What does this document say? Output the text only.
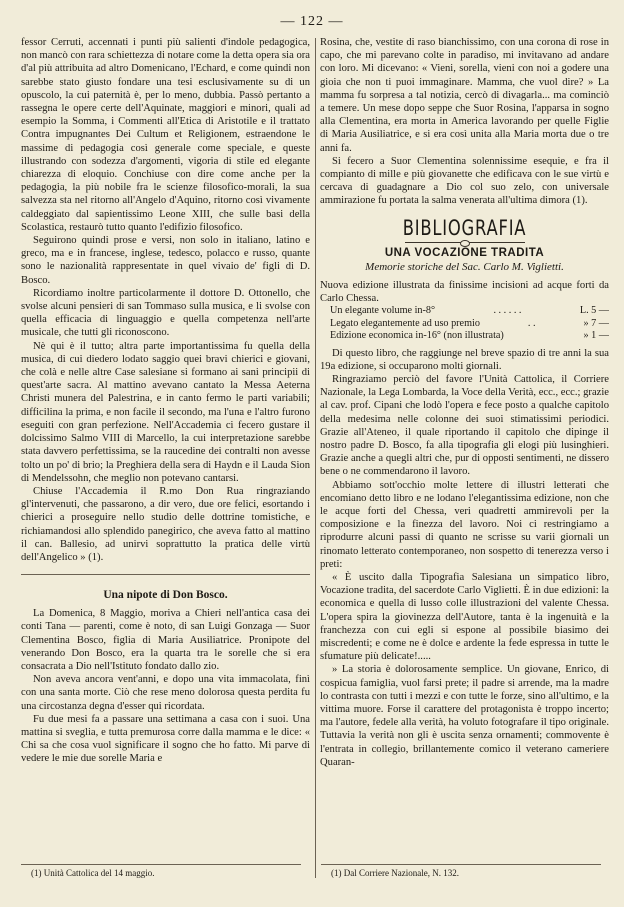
— 122 —

fessor Cerruti, accennati i punti più salienti d'indole pedagogica, non mancò con rara schiettezza di notare come la detta opera sia ora d'al più attribuita ad altro Domenicano, l'Echard, e come quindi non sarebbe stato giusto fondare una tesi esclusivamente su di un opuscolo, la cui paternità è, per lo meno, dubbia. Passò pertanto a rassegna le opere certe dell'Aquinate, maggiori e minori, quali ad esempio la Somma, i Commenti all'Etica di Aristotile e il trattato Contra impugnantes Dei Cultum et Religionem, estraendone le massime di pedagogia così generale come speciale, e queste illustrando con sodezza d'argomenti, vigoria di stile ed elegante chiarezza di eloquio. Conchiuse con dire come anche per la pedagogia, la più nobile fra le scienze filosofico-morali, la sua salvezza sta nel ritorno all'Angelo d'Aquino, ritorno così vivamente caldeggiato dal sapientissimo Leone XIII, che sulle basi della Scolastica, restaurò tutto quanto l'edifizio filosofico.

Seguirono quindi prose e versi, non solo in italiano, latino e greco, ma e in francese, inglese, tedesco, polacco e russo, quante sono le nazionalità rappresentate in quel vivaio de' figli di D. Bosco.

Ricordiamo inoltre particolarmente il dottore D. Ottonello, che svolse alcuni pensieri di san Tommaso sulla musica, e li svolse con quella efficacia di linguaggio e quella competenza nell'arte musicale, che tutti gli riconoscono.

Nè qui è il tutto; altra parte importantissima fu quella della musica, di cui diedero lodato saggio quei bravi chierici e giovani, che colà e nelle altre Case salesiane si formano ai sani principii di quest'arte sacra. Al mattino avevano cantato la Messa Aeterna Christi munera del Palestrina, e in canto fermo le parti variabili; difficilina la prima, e non facile il secondo, ma l'una e l'altro furono eseguiti con gran perfezione. Nell'Accademia ci fecero gustare il dolcissimo Salmo VIII di Marcello, la cui interpretazione sarebbe stata davvero perfettissima, se la raucedine dei contralti non avesse tolto un po' di brio; la Preghiera della sera di Haydn e il Lauda Sion di Mendelssohn, che meglio non potevano cantarsi.

Chiuse l'Accademia il R.mo Don Rua ringraziando gl'intervenuti, che passarono, a dir vero, due ore felici, esortando i chierici a proseguire nello studio delle dottrine tomistiche, e richiamandosi allo splendido panegirico, che aveva fatto al mattino il can. Ballesio, ad unirvi soprattutto la pratica delle virtù dell'Angelico » (1).

Una nipote di Don Bosco.

La Domenica, 8 Maggio, moriva a Chieri nell'antica casa dei conti Tana — parenti, come è noto, di san Luigi Gonzaga — Suor Clementina Bosco, figlia di Maria Ausiliatrice. Pronipote del venerando Don Bosco, era la quarta tra le sorelle che si era consacrata a Dio nell'Istituto fondato dallo zio.

Non aveva ancora vent'anni, e dopo una vita immacolata, finì con una santa morte. Ciò che rese meno dolorosa questa perdita fu una circostanza degna d'esser qui ricordata.

Fu due mesi fa a passare una settimana a casa con i suoi. Una mattina si sveglia, e tutta premurosa corre dalla mamma e le dice: « Chi sa che cosa vuol significare il sogno che ho fatto. Mi parve di vedere le mie due sorelle Maria e

Rosina, che, vestite di raso bianchissimo, con una corona di rose in capo, che mi parevano colte in paradiso, mi invitavano ad andare con loro. Mi dicevano: « Vieni, sorella, vieni con noi a godere una gioia che non ti puoi immaginare. Mamma, che vuol dire? » La mamma fu sorpresa a tal notizia, cercò di divagarla... ma cominciò a temere. Un mese dopo seppe che Suor Rosina, l'apparsa in sogno alla Clementina, era morta in America lavorando per quelle Figlie di Maria Ausiliatrice, e si era così unita alla Maria morta due o tre anni fa.

Si fecero a Suor Clementina solennissime esequie, e fra il compianto di mille e più giovanette che edificava con le sue virtù e cercava di guadagnare a Dio col suo zelo, con universale ammirazione fu portata la salma venerata all'ultima dimora (1).

BIBLIOGRAFIA
UNA VOCAZIONE TRADITA
Memorie storiche del Sac. Carlo M. Viglietti.

Nuova edizione illustrata da finissime incisioni ad acque forti da Carlo Chessa.

Un elegante volume in-8°	. . . . . .	L. 5 —
Legato elegantemente ad uso premio	. .	» 7 —
Edizione economica in-16° (non illustrata)	» 1 —

Di questo libro, che raggiunge nel breve spazio di tre anni la sua 19a edizione, si occuparono molti giornali.

Ringraziamo perciò del favore l'Unità Cattolica, il Corriere Nazionale, la Lega Lombarda, la Voce della Verità, ecc., ecc.; grazie al cav. prof. Cipani che lodò l'opera e fece posto a qualche capitolo della medesima nelle colonne dei suoi stimatissimi periodici. Grazie all'Ateneo, il quale riportando il capitolo che dipinge il nostro padre D. Bosco, fa alla tipografia gli elogi più lusinghieri. Grazie anche a quegli altri che, pur di opposti sentimenti, ne dissero bene o ne commendarono il lavoro.

Abbiamo sott'occhio molte lettere di illustri letterati che encomiano detto libro e ne lodano l'elegantissima edizione, non che le acque forti del Chessa, veri quadretti ammirevoli per la composizione e la finezza del lavoro. Noi ci restringiamo a riprodurre alcuni passi di quanto ne scrisse su varii giornali un rinomato letterato contemporaneo, non sospetto di tenerezza verso i preti:

« È uscito dalla Tipografia Salesiana un simpatico libro, Vocazione tradita, del sacerdote Carlo Viglietti. È in due edizioni: la economica e quella di lusso colle illustrazioni del valente Chessa. L'opera spira la giovinezza dell'Autore, tanta è la ingenuità e la franchezza con cui egli si espone al possibile biasimo dei miscredenti; e come ne è dolce e ardente la fede espressa in tutte le sfumature più delicate!.....

» La storia è dolorosamente semplice. Un giovane, Enrico, di cospicua famiglia, vuol farsi prete; il padre si arrende, ma la madre lo contrasta con tutti i mezzi e con tutte le forze, sino all'ultimo, e la vittima muore. Forse il carattere del protagonista è troppo incerto; ma l'autore, fedele alla verità, ha voluto fotografare il tipo originale. Tuttavia la verità non gli è uscita senza ornamenti; commovente è l'entrata in collegio, brillantemente comico il veterano cameriere Quaran-

(1) Unità Cattolica del 14 maggio.	(1) Dal Corriere Nazionale, N. 132.
